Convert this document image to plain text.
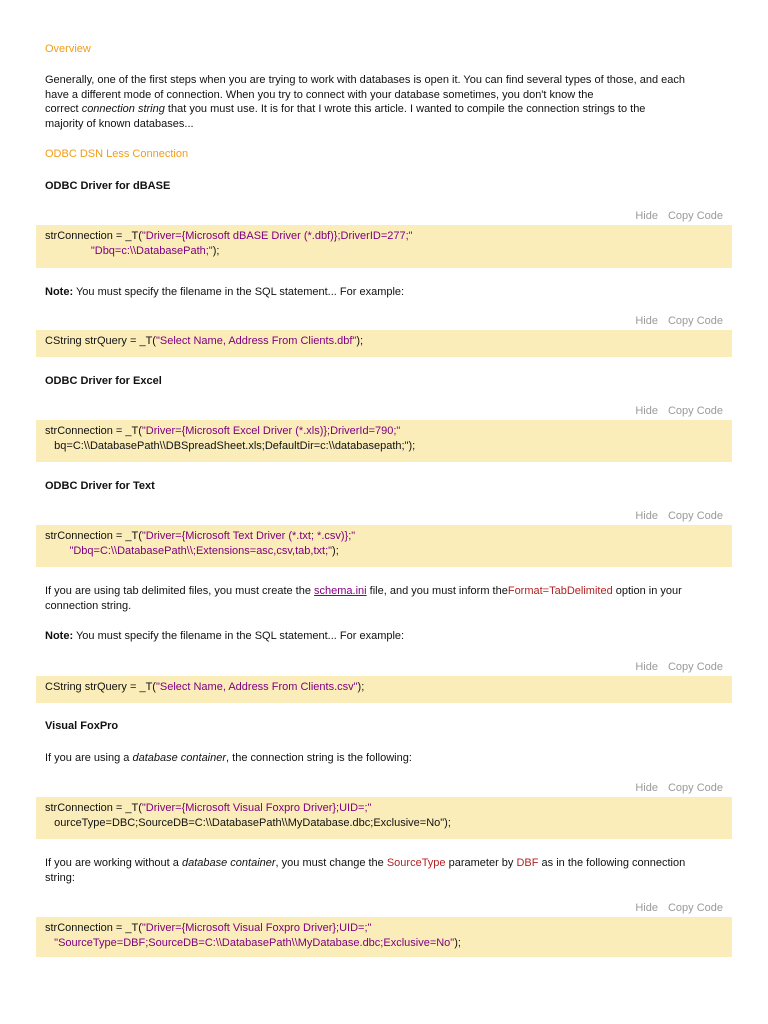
Overview
Generally, one of the first steps when you are trying to work with databases is open it. You can find several types of those, and each
have a different mode of connection. When you try to connect with your database sometimes, you don't know the
correct connection string that you must use. It is for that I wrote this article. I wanted to compile the connection strings to the
majority of known databases...
ODBC DSN Less Connection
ODBC Driver for dBASE
Hide Copy Code
strConnection = _T("Driver={Microsoft dBASE Driver (*.dbf)};DriverID=277;"
"Dbq=c:\\DatabasePath;");
Note: You must specify the filename in the SQL statement... For example:
Hide Copy Code
CString strQuery = _T("Select Name, Address From Clients.dbf");
ODBC Driver for Excel
Hide Copy Code
strConnection = _T("Driver={Microsoft Excel Driver (*.xls)};DriverId=790;"
bq=C:\\DatabasePath\\DBSpreadSheet.xls;DefaultDir=c:\\databasepath;");
ODBC Driver for Text
Hide Copy Code
strConnection = _T("Driver={Microsoft Text Driver (*.txt; *.csv)};"
"Dbq=C:\\DatabasePath\\;Extensions=asc,csv,tab,txt;");
If you are using tab delimited files, you must create the schema.ini file, and you must inform theFormat=TabDelimited option in your
connection string.
Note: You must specify the filename in the SQL statement... For example:
Hide Copy Code
CString strQuery = _T("Select Name, Address From Clients.csv");
Visual FoxPro
If you are using a database container, the connection string is the following:
Hide Copy Code
strConnection = _T("Driver={Microsoft Visual Foxpro Driver};UID=;"
ourceType=DBC;SourceDB=C:\\DatabasePath\\MyDatabase.dbc;Exclusive=No");
If you are working without a database container, you must change the SourceType parameter by DBF as in the following connection
string:
Hide Copy Code
strConnection = _T("Driver={Microsoft Visual Foxpro Driver};UID=;"
"SourceType=DBF;SourceDB=C:\\DatabasePath\\MyDatabase.dbc;Exclusive=No");
